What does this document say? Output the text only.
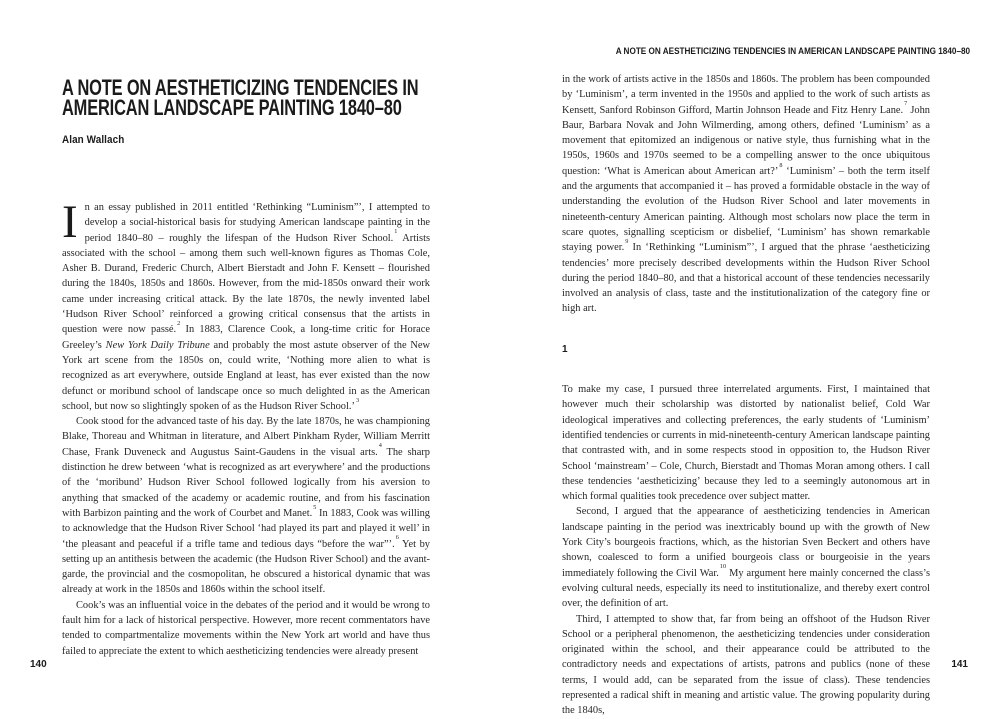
A NOTE ON AESTHETICIZING TENDENCIES IN
AMERICAN LANDSCAPE PAINTING 1840–80
Alan Wallach

In an essay published in 2011 entitled ‘Rethinking “Luminism”’, I attempted to develop a social-historical basis for studying American landscape painting in the period 1840–80 – roughly the lifespan of the Hudson River School.$^1$ Artists associated with the school – among them such well-known figures as Thomas Cole, Asher B. Durand, Frederic Church, Albert Bierstadt and John F. Kensett – flourished during the 1840s, 1850s and 1860s. However, from the mid-1850s onward their work came under increasing critical attack. By the late 1870s, the newly invented label ‘Hudson River School’ reinforced a growing critical consensus that the artists in question were now passé.$^2$ In 1883, Clarence Cook, a long-time critic for Horace Greeley’s New York Daily Tribune and probably the most astute observer of the New York art scene from the 1850s on, could write, ‘Nothing more alien to what is recognized as art everywhere, outside England at least, has ever existed than the now defunct or moribund school of landscape once so much delighted in as the American school, but now so slightingly spoken of as the Hudson River School.’$^3$

Cook stood for the advanced taste of his day. By the late 1870s, he was championing Blake, Thoreau and Whitman in literature, and Albert Pinkham Ryder, William Merritt Chase, Frank Duveneck and Augustus Saint-Gaudens in the visual arts.$^4$ The sharp distinction he drew between ‘what is recognized as art everywhere’ and the productions of the ‘moribund’ Hudson River School followed logically from his aversion to anything that smacked of the academy or academic routine, and from his fascination with Barbizon painting and the work of Courbet and Manet.$^5$ In 1883, Cook was willing to acknowledge that the Hudson River School ‘had played its part and played it well’ in ‘the pleasant and peaceful if a trifle tame and tedious days “before the war”’.$^6$ Yet by setting up an antithesis between the academic (the Hudson River School) and the avant-garde, the provincial and the cosmopolitan, he obscured a historical dynamic that was already at work in the 1850s and 1860s within the school itself.

Cook’s was an influential voice in the debates of the period and it would be wrong to fault him for a lack of historical perspective. However, more recent commentators have tended to compartmentalize movements within the New York art world and have thus failed to appreciate the extent to which aestheticizing tendencies were already present

140
A NOTE ON AESTHETICIZING TENDENCIES IN AMERICAN LANDSCAPE PAINTING 1840–80

in the work of artists active in the 1850s and 1860s. The problem has been compounded by ‘Luminism’, a term invented in the 1950s and applied to the work of such artists as Kensett, Sanford Robinson Gifford, Martin Johnson Heade and Fitz Henry Lane.$^7$ John Baur, Barbara Novak and John Wilmerding, among others, defined ‘Luminism’ as a movement that epitomized an indigenous or native style, thus furnishing what in the 1950s, 1960s and 1970s seemed to be a compelling answer to the once ubiquitous question: ‘What is American about American art?’$^8$ ‘Luminism’ – both the term itself and the arguments that accompanied it – has proved a formidable obstacle in the way of understanding the evolution of the Hudson River School and later movements in nineteenth-century American painting. Although most scholars now place the term in scare quotes, signalling scepticism or disbelief, ‘Luminism’ has shown remarkable staying power.$^9$ In ‘Rethinking “Luminism”’, I argued that the phrase ‘aestheticizing tendencies’ more precisely described developments within the Hudson River School during the period 1840–80, and that a historical account of these tendencies necessarily involved an analysis of class, taste and the institutionalization of the category fine or high art.

1

To make my case, I pursued three interrelated arguments. First, I maintained that however much their scholarship was distorted by nationalist belief, Cold War ideological imperatives and collecting preferences, the early students of ‘Luminism’ identified tendencies or currents in mid-nineteenth-century American landscape painting that contrasted with, and in some respects stood in opposition to, the Hudson River School ‘mainstream’ – Cole, Church, Bierstadt and Thomas Moran among others. I call these tendencies ‘aestheticizing’ because they led to a seemingly autonomous art in which formal qualities took precedence over subject matter.

Second, I argued that the appearance of aestheticizing tendencies in American landscape painting in the period was inextricably bound up with the growth of New York City’s bourgeois fractions, which, as the historian Sven Beckert and others have shown, coalesced to form a unified bourgeois class or bourgeoisie in the years immediately following the Civil War.$^{10}$ My argument here mainly concerned the class’s evolving cultural needs, especially its need to institutionalize, and thereby exert control over, the definition of art.

Third, I attempted to show that, far from being an offshoot of the Hudson River School or a peripheral phenomenon, the aestheticizing tendencies under consideration originated within the school, and their appearance could be attributed to the contradictory needs and expectations of artists, patrons and publics (none of these terms, I would add, can be separated from the issue of class). These tendencies represented a radical shift in meaning and artistic value. The growing popularity during the 1840s,

141
